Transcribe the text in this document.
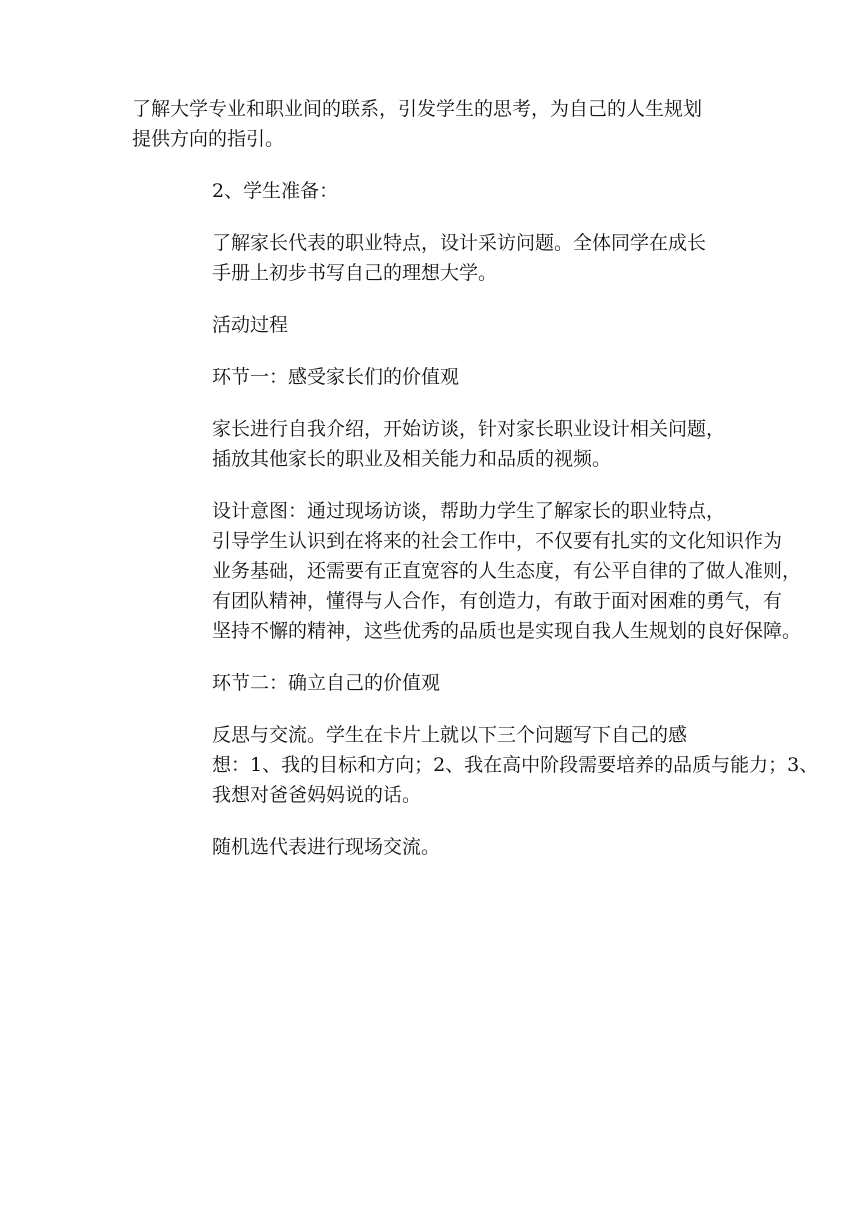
了解大学专业和职业间的联系，引发学生的思考，为自己的人生规划
提供方向的指引。

2、学生准备：

了解家长代表的职业特点，设计采访问题。全体同学在成长
手册上初步书写自己的理想大学。

活动过程

环节一：感受家长们的价值观

家长进行自我介绍，开始访谈，针对家长职业设计相关问题，
插放其他家长的职业及相关能力和品质的视频。

设计意图：通过现场访谈，帮助力学生了解家长的职业特点，
引导学生认识到在将来的社会工作中，不仅要有扎实的文化知识作为
业务基础，还需要有正直宽容的人生态度，有公平自律的了做人准则，
有团队精神，懂得与人合作，有创造力，有敢于面对困难的勇气，有
坚持不懈的精神，这些优秀的品质也是实现自我人生规划的良好保障。

环节二：确立自己的价值观

反思与交流。学生在卡片上就以下三个问题写下自己的感
想：1、我的目标和方向；2、我在高中阶段需要培养的品质与能力；3、
我想对爸爸妈妈说的话。

随机选代表进行现场交流。
